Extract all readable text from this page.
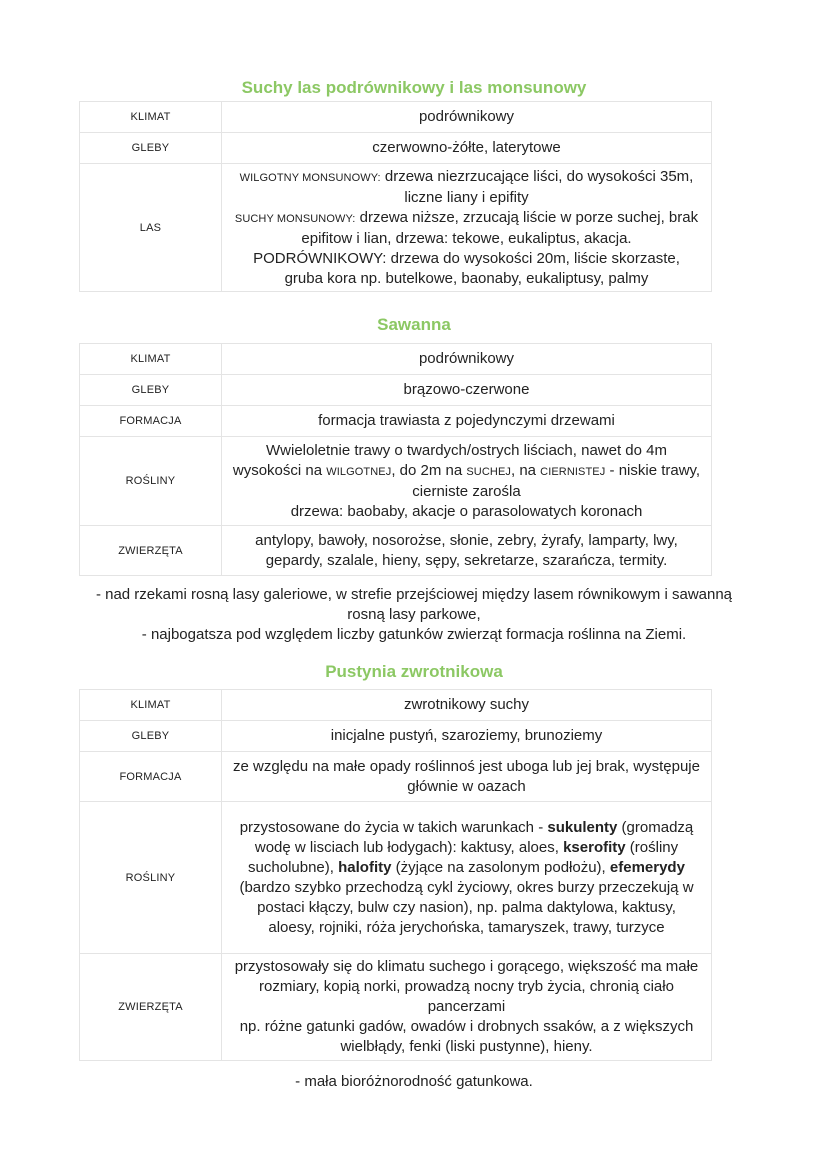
Suchy las podrównikowy i las monsunowy
KLIMAT	podrównikowy
GLEBY	czerwowno-żółte, laterytowe
LAS	WILGOTNY MONSUNOWY: drzewa niezrzucające liści, do wysokości 35m, liczne liany i epifity
SUCHY MONSUNOWY: drzewa niższe, zrzucają liście w porze suchej, brak epifitow i lian, drzewa: tekowe, eukaliptus, akacja.
PODRÓWNIKOWY: drzewa do wysokości 20m, liście skorzaste, gruba kora np. butelkowe, baonaby, eukaliptusy, palmy
Sawanna
KLIMAT	podrównikowy
GLEBY	brązowo-czerwone
FORMACJA	formacja trawiasta z pojedynczymi drzewami
ROŚLINY	Wwieloletnie trawy o twardych/ostrych liściach, nawet do 4m wysokości na WILGOTNEJ, do 2m na SUCHEJ, na CIERNISTEJ - niskie trawy, cierniste zarośla
drzewa: baobaby, akacje o parasolowatych koronach
ZWIERZĘTA	antylopy, bawoły, nosorożse, słonie, zebry, żyrafy, lamparty, lwy, gepardy, szalale, hieny, sępy, sekretarze, szarańcza, termity.

- nad rzekami rosną lasy galeriowe, w strefie przejściowej między lasem równikowym i sawanną rosną lasy parkowe,

- najbogatsza pod względem liczby gatunków zwierząt formacja roślinna na Ziemi.

Pustynia zwrotnikowa
KLIMAT	zwrotnikowy suchy
GLEBY	inicjalne pustyń, szaroziemy, brunoziemy
FORMACJA	ze względu na małe opady roślinnoś jest uboga lub jej brak, występuje głównie w oazach
ROŚLINY	przystosowane do życia w takich warunkach - sukulenty (gromadzą wodę w lisciach lub łodygach): kaktusy, aloes, kserofity (rośliny sucholubne), halofity (żyjące na zasolonym podłożu), efemerydy (bardzo szybko przechodzą cykl życiowy, okres burzy przeczekują w postaci kłączy, bulw czy nasion), np. palma daktylowa, kaktusy, aloesy, rojniki, róża jerychońska, tamaryszek, trawy, turzyce
ZWIERZĘTA	przystosowały się do klimatu suchego i gorącego, większość ma małe rozmiary, kopią norki, prowadzą nocny tryb życia, chronią ciało pancerzami
np. różne gatunki gadów, owadów i drobnych ssaków, a z większych wielbłądy, fenki (liski pustynne), hieny.

- mała bioróżnorodność gatunkowa.
